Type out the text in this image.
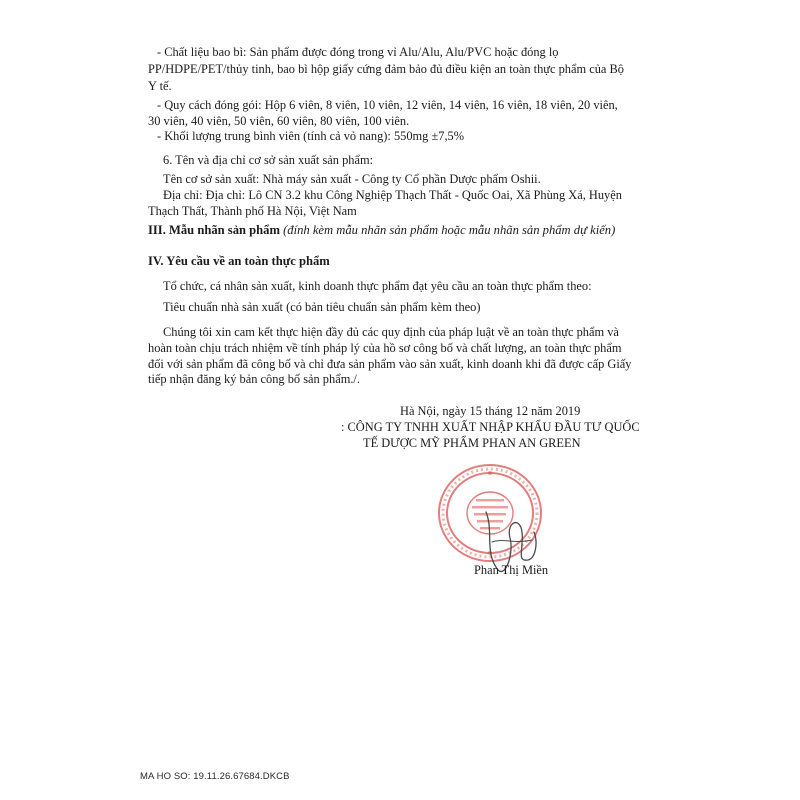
- Chất liệu bao bì: Sản phẩm được đóng trong vỉ Alu/Alu, Alu/PVC hoặc đóng lọ

PP/HDPE/PET/thủy tinh, bao bì hộp giấy cứng đảm bảo đủ điều kiện an toàn thực phẩm của Bộ

Y tế.

- Quy cách đóng gói: Hộp 6 viên, 8 viên, 10 viên, 12 viên, 14 viên, 16 viên, 18 viên, 20 viên,

30 viên, 40 viên, 50 viên, 60 viên, 80 viên, 100 viên.

- Khối lượng trung bình viên (tính cả vỏ nang): 550mg ±7,5%

6. Tên và địa chỉ cơ sở sản xuất sản phẩm:

Tên cơ sở sản xuất: Nhà máy sản xuất - Công ty Cổ phần Dược phẩm Oshii.

Địa chỉ: Địa chỉ: Lô CN 3.2 khu Công Nghiệp Thạch Thất - Quốc Oai, Xã Phùng Xá, Huyện

Thạch Thất, Thành phố Hà Nội, Việt Nam

III. Mẫu nhãn sản phẩm (đính kèm mẫu nhãn sản phẩm hoặc mẫu nhãn sản phẩm dự kiến)

IV. Yêu cầu về an toàn thực phẩm

Tổ chức, cá nhân sản xuất, kinh doanh thực phẩm đạt yêu cầu an toàn thực phẩm theo:

Tiêu chuẩn nhà sản xuất (có bản tiêu chuẩn sản phẩm kèm theo)

Chúng tôi xin cam kết thực hiện đầy đủ các quy định của pháp luật về an toàn thực phẩm và

hoàn toàn chịu trách nhiệm về tính pháp lý của hồ sơ công bố và chất lượng, an toàn thực phẩm

đối với sản phẩm đã công bố và chỉ đưa sản phẩm vào sản xuất, kinh doanh khi đã được cấp Giấy

tiếp nhận đăng ký bản công bố sản phẩm./.

Hà Nội, ngày 15 tháng 12 năm 2019

: CÔNG TY TNHH XUẤT NHẬP KHẨU ĐẦU TƯ QUỐC

TẾ DƯỢC MỸ PHẨM PHAN AN GREEN

Phan Thị Miền

MA HO SO: 19.11.26.67684.DKCB
